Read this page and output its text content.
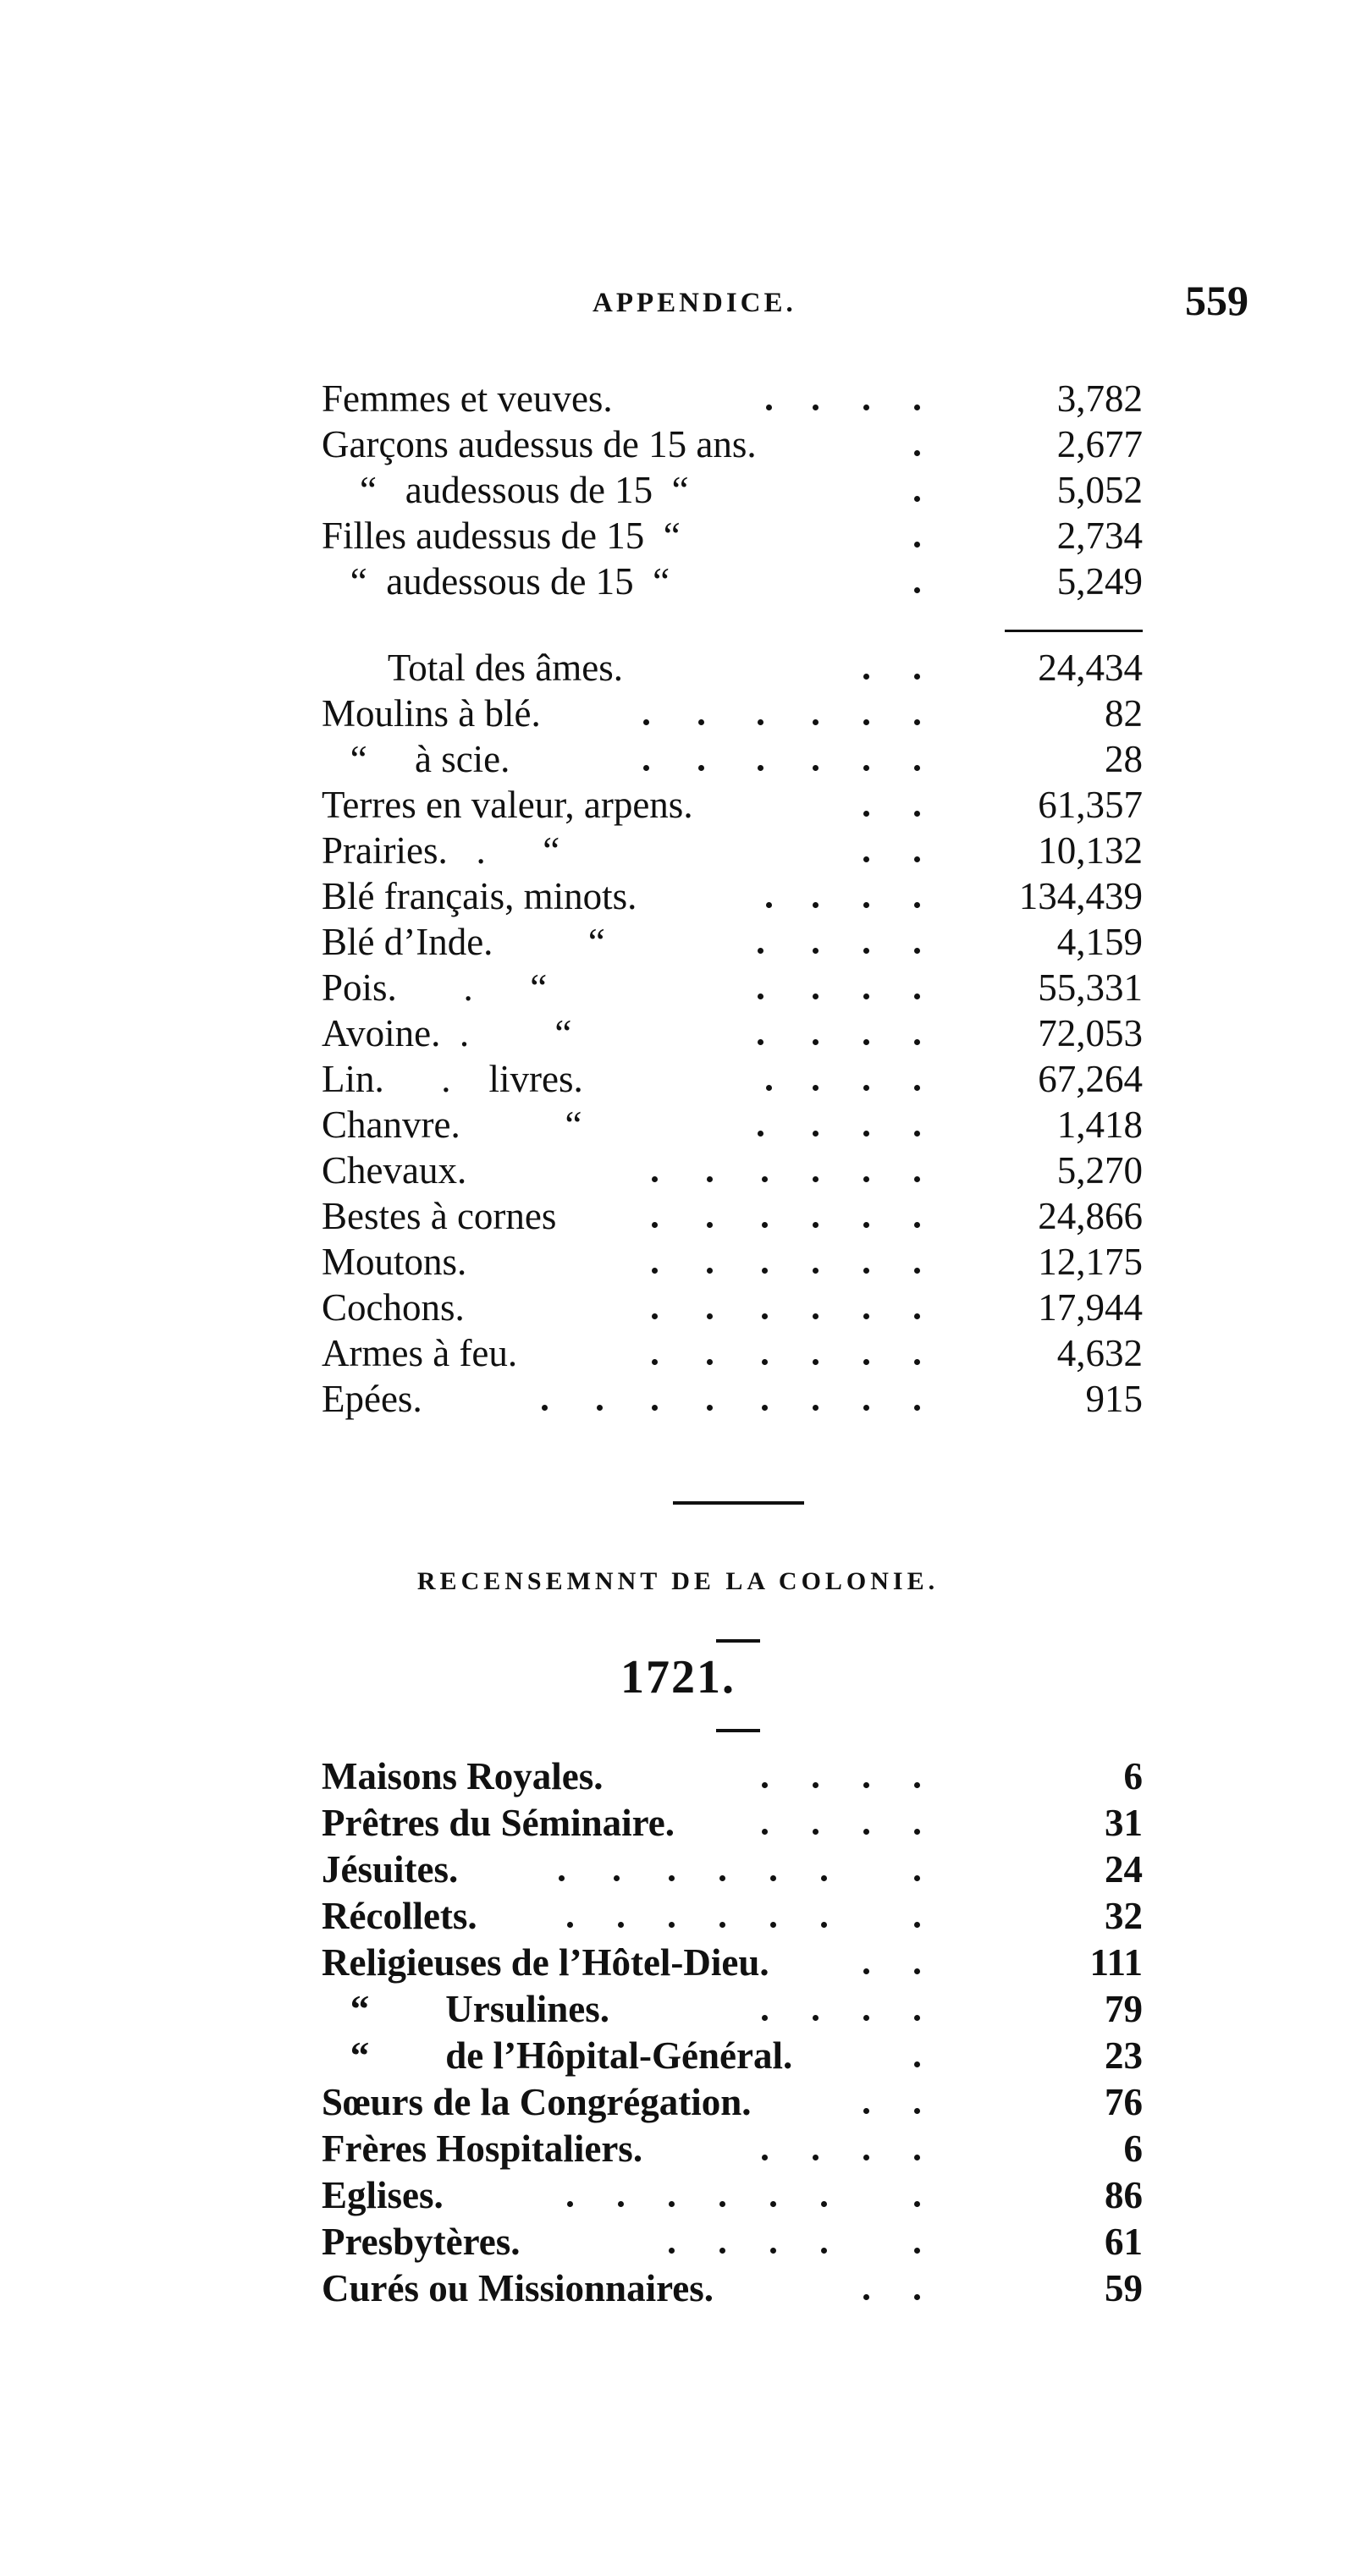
APPENDICE.	559
Femmes et veuves.	3,782
Garçons audessus de 15 ans.	2,677
“   audessous de 15  “	5,052
Filles audessus de 15  “	2,734
“  audessous de 15  “	5,249
Total des âmes.	24,434
Moulins à blé.	82
“     à scie.	28
Terres en valeur, arpens.	61,357
Prairies.   .      “	10,132
Blé français, minots.	134,439
Blé d’Inde.          “	4,159
Pois.       .      “	55,331
Avoine.  .         “	72,053
Lin.      .    livres.	67,264
Chanvre.           “	1,418
Chevaux.	5,270
Bestes à cornes	24,866
Moutons.	12,175
Cochons.	17,944
Armes à feu.	4,632
Epées.	915
RECENSEMNNT DE LA COLONIE.
1721.
Maisons Royales.	6
Prêtres du Séminaire.	31
Jésuites.	24
Récollets.	32
Religieuses de l’Hôtel-Dieu.	111
“        Ursulines.	79
“        de l’Hôpital-Général.	23
Sœurs de la Congrégation.	76
Frères Hospitaliers.	6
Eglises.	86
Presbytères.	61
Curés ou Missionnaires.	59
